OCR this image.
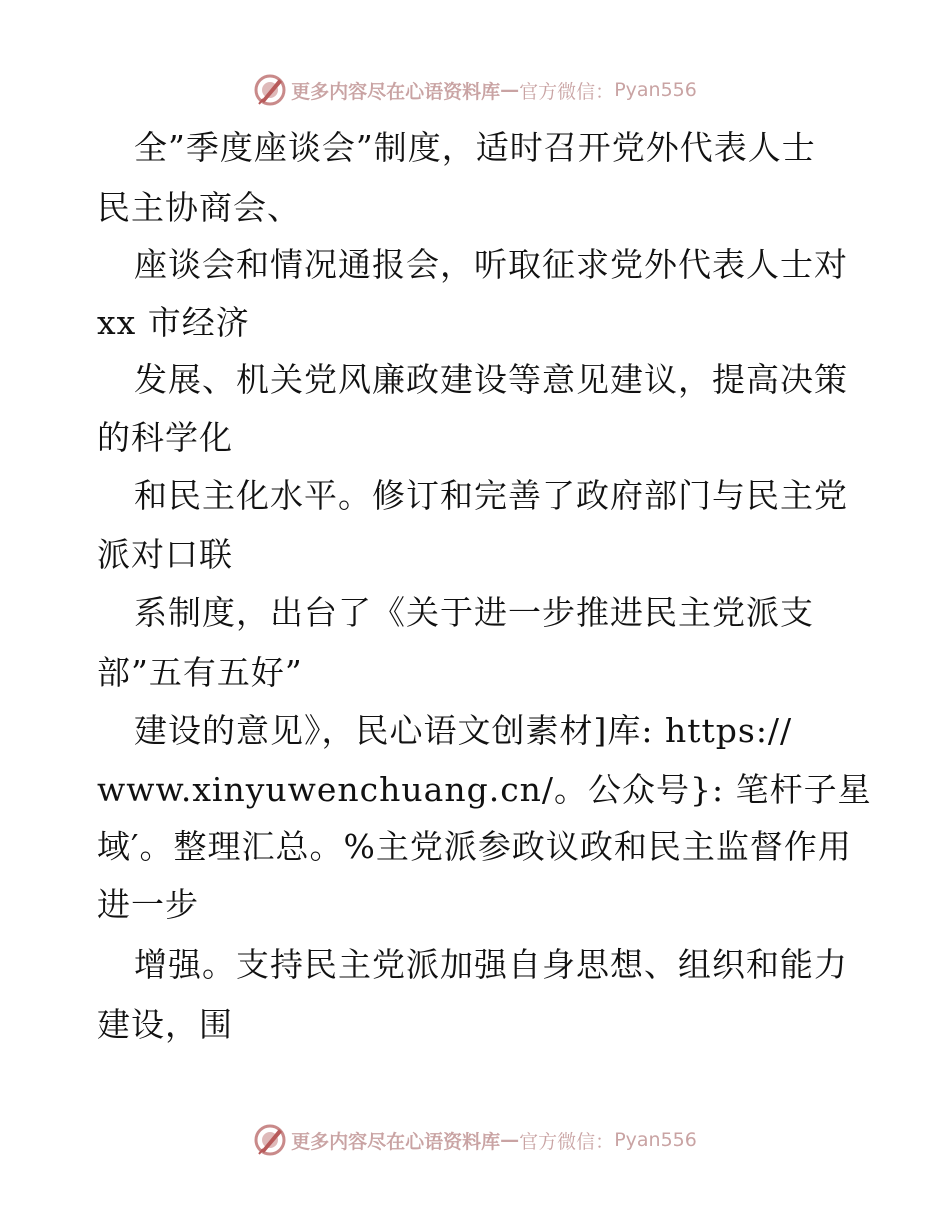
更多内容尽在心语资料库 — 官方微信： Pyan556
全”季度座谈会”制度，适时召开党外代表人士
民主协商会、
座谈会和情况通报会，听取征求党外代表人士对
xx 市经济
发展、机关党风廉政建设等意见建议，提高决策
的科学化
和民主化水平。修订和完善了政府部门与民主党
派对口联
系制度，出台了《关于进一步推进民主党派支
部”五有五好”
建设的意见》，民心语文创素材]库: https://
www.xinyuwenchuang.cn/。公众号}: 笔杆子星
域′。整理汇总。%主党派参政议政和民主监督作用
进一步
增强。支持民主党派加强自身思想、组织和能力
建设，围
更多内容尽在心语资料库 — 官方微信： Pyan556
